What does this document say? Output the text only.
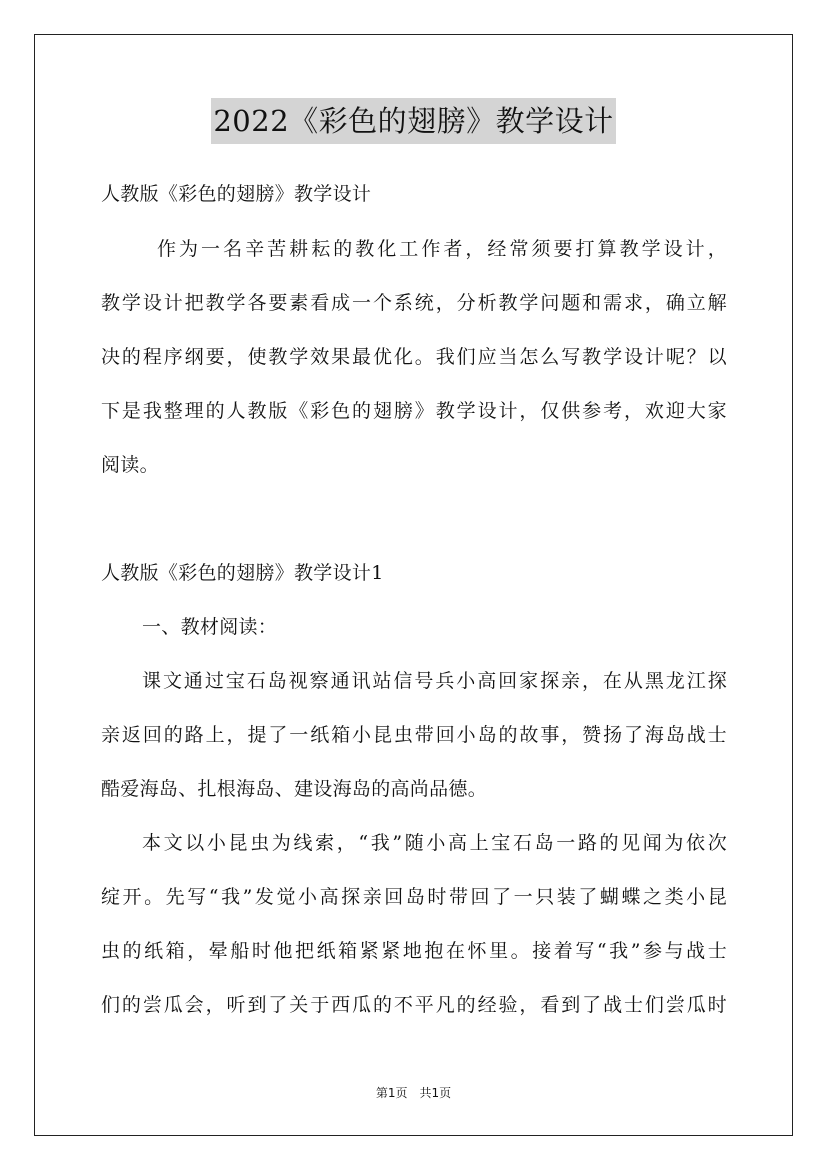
2022《彩色的翅膀》教学设计
人教版《彩色的翅膀》教学设计
作为一名辛苦耕耘的教化工作者，经常须要打算教学设计，
教学设计把教学各要素看成一个系统，分析教学问题和需求，确立解
决的程序纲要，使教学效果最优化。我们应当怎么写教学设计呢？以
下是我整理的人教版《彩色的翅膀》教学设计，仅供参考，欢迎大家
阅读。
人教版《彩色的翅膀》教学设计1
一、教材阅读：
课文通过宝石岛视察通讯站信号兵小高回家探亲，在从黑龙江探
亲返回的路上，提了一纸箱小昆虫带回小岛的故事，赞扬了海岛战士
酷爱海岛、扎根海岛、建设海岛的高尚品德。
本文以小昆虫为线索，“我”随小高上宝石岛一路的见闻为依次
绽开。先写“我”发觉小高探亲回岛时带回了一只装了蝴蝶之类小昆
虫的纸箱，晕船时他把纸箱紧紧地抱在怀里。接着写“我”参与战士
们的尝瓜会，听到了关于西瓜的不平凡的经验，看到了战士们尝瓜时
第1页　共1页
